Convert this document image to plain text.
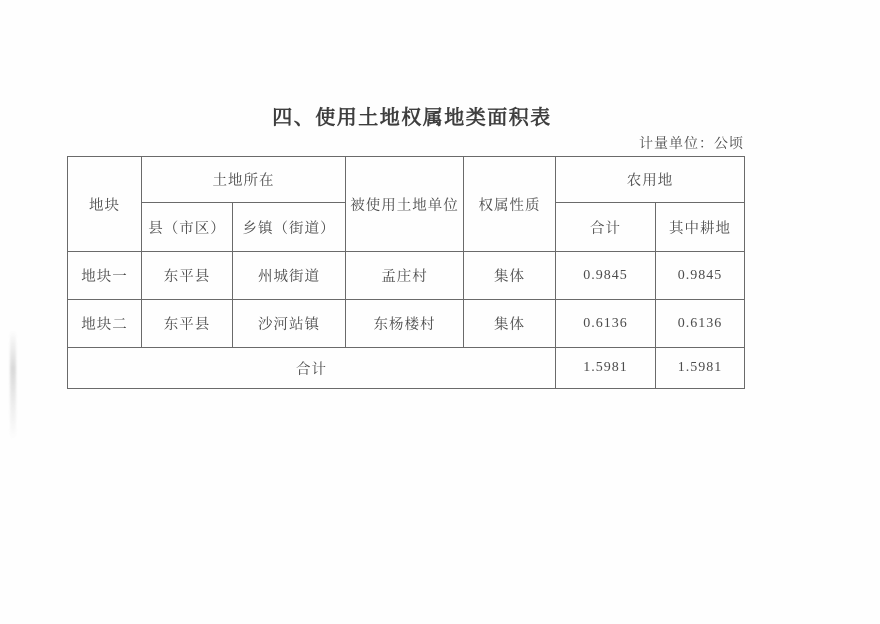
四、使用土地权属地类面积表
计量单位：公顷
地块	土地所在		被使用土地单位	权属性质	农用地	
	县（市区）	乡镇（街道）			合计	其中耕地
地块一	东平县	州城街道	孟庄村	集体	0.9845	0.9845
地块二	东平县	沙河站镇	东杨楼村	集体	0.6136	0.6136
合计					1.5981	1.5981
